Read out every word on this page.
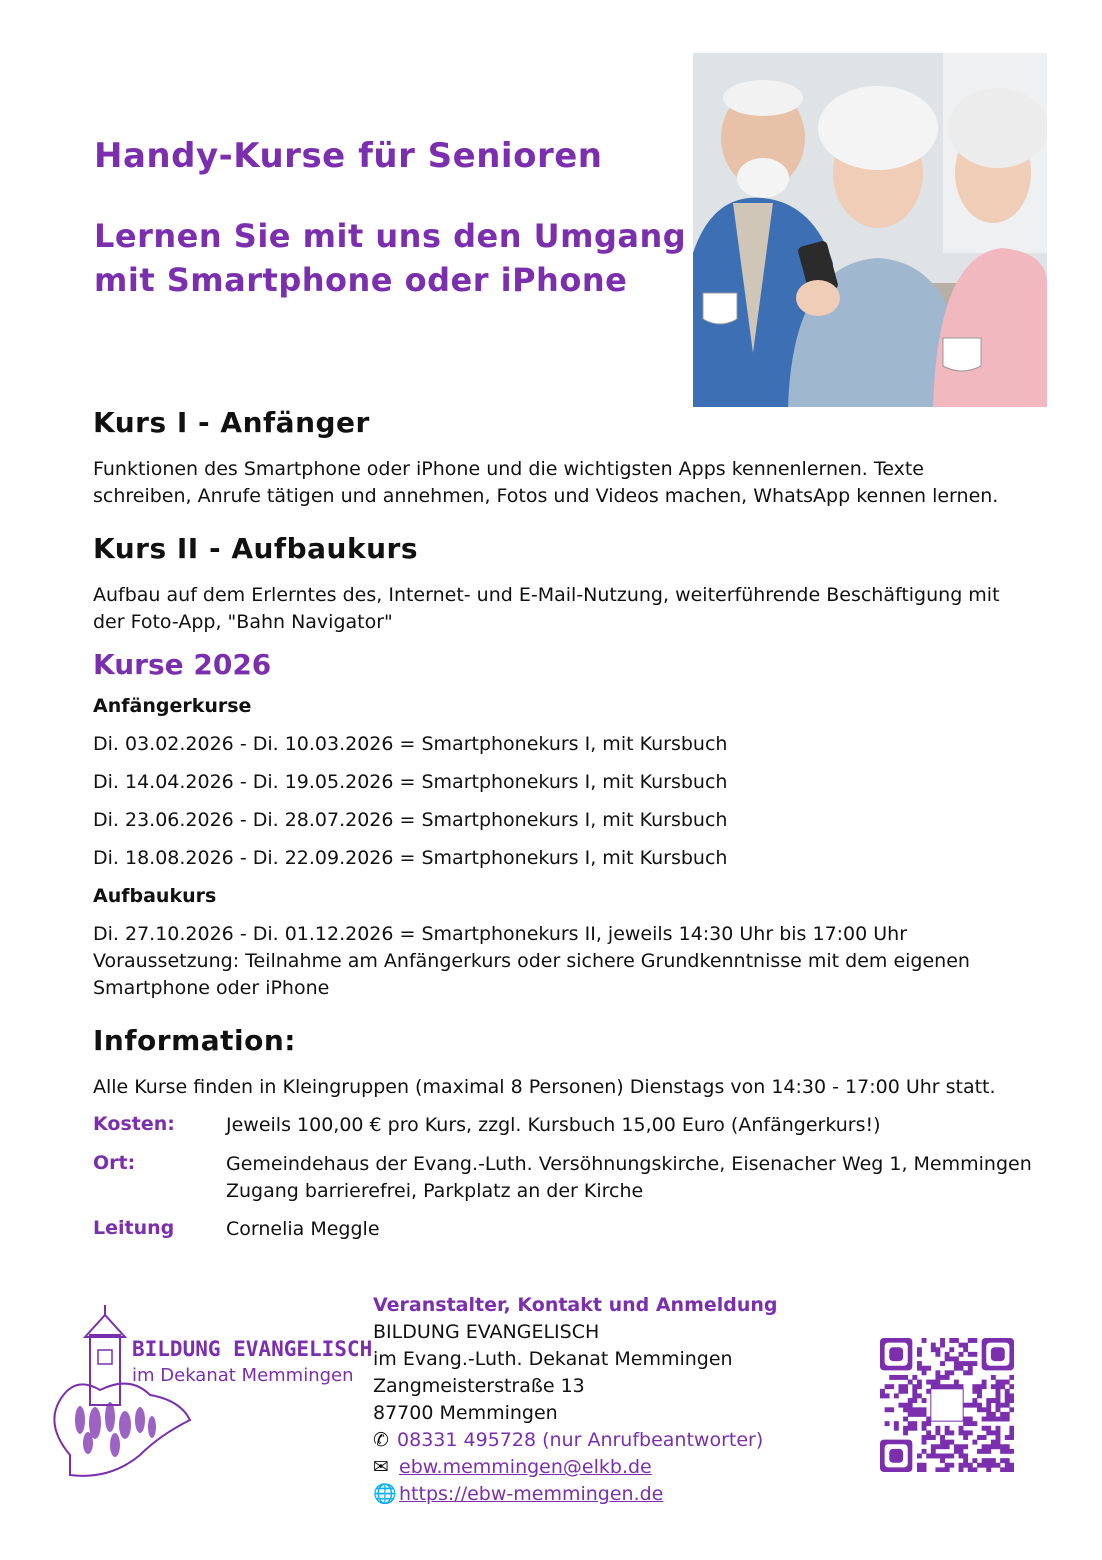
Handy-Kurse für Senioren
Lernen Sie mit uns den Umgang
mit Smartphone oder iPhone
Kurs I - Anfänger
Funktionen des Smartphone oder iPhone und die wichtigsten Apps kennenlernen. Texte
schreiben, Anrufe tätigen und annehmen, Fotos und Videos machen, WhatsApp kennen lernen.
Kurs II - Aufbaukurs
Aufbau auf dem Erlerntes des, Internet- und E-Mail-Nutzung, weiterführende Beschäftigung mit
der Foto-App, "Bahn Navigator"
Kurse 2026
Anfängerkurse
Di. 03.02.2026 - Di. 10.03.2026 = Smartphonekurs I, mit Kursbuch
Di. 14.04.2026 - Di. 19.05.2026 = Smartphonekurs I, mit Kursbuch
Di. 23.06.2026 - Di. 28.07.2026 = Smartphonekurs I, mit Kursbuch
Di. 18.08.2026 - Di. 22.09.2026 = Smartphonekurs I, mit Kursbuch
Aufbaukurs
Di. 27.10.2026 - Di. 01.12.2026 = Smartphonekurs II, jeweils 14:30 Uhr bis 17:00 Uhr
Voraussetzung: Teilnahme am Anfängerkurs oder sichere Grundkenntnisse mit dem eigenen
Smartphone oder iPhone
Information:
Alle Kurse finden in Kleingruppen (maximal 8 Personen) Dienstags von 14:30 - 17:00 Uhr statt.
Kosten:	Jeweils 100,00 € pro Kurs, zzgl. Kursbuch 15,00 Euro (Anfängerkurs!)
Ort:	Gemeindehaus der Evang.-Luth. Versöhnungskirche, Eisenacher Weg 1, Memmingen
Zugang barrierefrei, Parkplatz an der Kirche
Leitung	Cornelia Meggle
BILDUNG EVANGELISCH
im Dekanat Memmingen
Veranstalter, Kontakt und Anmeldung
BILDUNG EVANGELISCH
im Evang.-Luth. Dekanat Memmingen
Zangmeisterstraße 13
87700 Memmingen
✆ 08331 495728 (nur Anrufbeantworter)
✉ ebw.memmingen@elkb.de
🌐 https://ebw-memmingen.de
